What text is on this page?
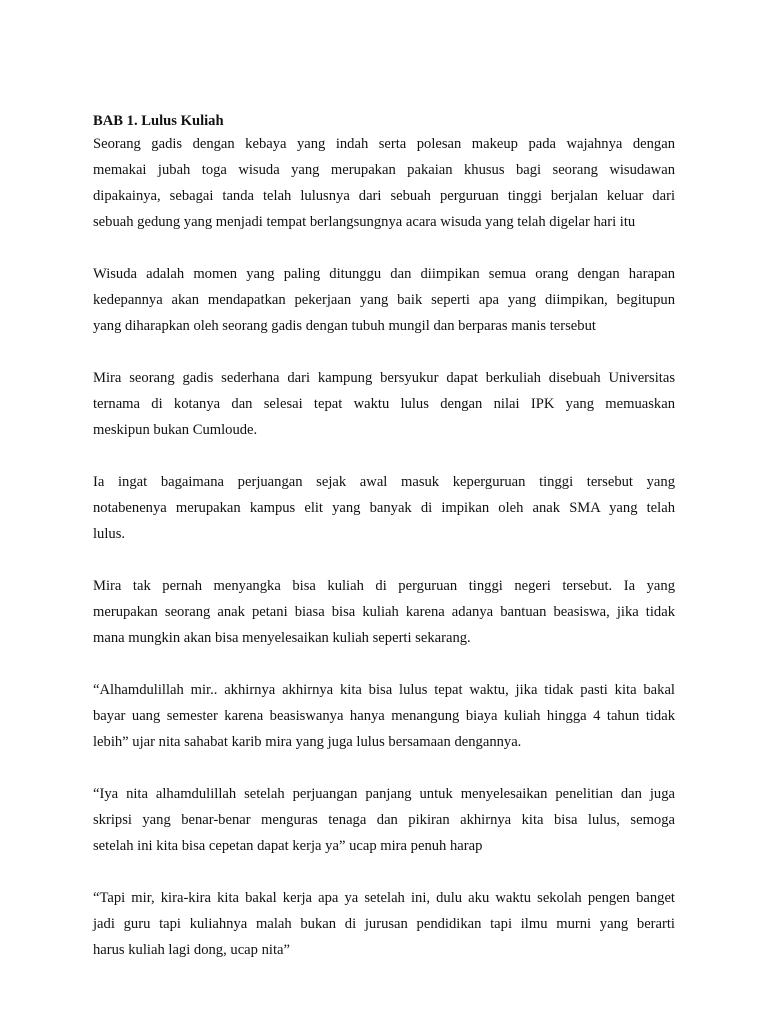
BAB 1. Lulus Kuliah

Seorang gadis dengan kebaya yang indah serta polesan makeup pada wajahnya dengan
memakai jubah toga wisuda yang merupakan pakaian khusus bagi seorang wisudawan
dipakainya, sebagai tanda telah lulusnya dari sebuah perguruan tinggi berjalan keluar dari
sebuah gedung yang menjadi tempat berlangsungnya acara wisuda yang telah digelar hari itu

Wisuda adalah momen yang paling ditunggu dan diimpikan semua orang dengan harapan
kedepannya akan mendapatkan pekerjaan yang baik seperti apa yang diimpikan, begitupun
yang diharapkan oleh seorang gadis dengan tubuh mungil dan berparas manis tersebut

Mira seorang gadis sederhana dari kampung bersyukur dapat berkuliah disebuah Universitas
ternama di kotanya dan selesai tepat waktu lulus dengan nilai IPK yang memuaskan
meskipun bukan Cumloude.

Ia ingat bagaimana perjuangan sejak awal masuk keperguruan tinggi tersebut yang
notabenenya merupakan kampus elit yang banyak di impikan oleh anak SMA yang telah
lulus.

Mira tak pernah menyangka bisa kuliah di perguruan tinggi negeri tersebut. Ia yang
merupakan seorang anak petani biasa bisa kuliah karena adanya bantuan beasiswa, jika tidak
mana mungkin akan bisa menyelesaikan kuliah seperti sekarang.

“Alhamdulillah mir.. akhirnya akhirnya kita bisa lulus tepat waktu, jika tidak pasti kita bakal
bayar uang semester karena beasiswanya hanya menangung biaya kuliah hingga 4 tahun tidak
lebih” ujar nita sahabat karib mira yang juga lulus bersamaan dengannya.

“Iya nita alhamdulillah setelah perjuangan panjang untuk menyelesaikan penelitian dan juga
skripsi yang benar-benar menguras tenaga dan pikiran akhirnya kita bisa lulus, semoga
setelah ini kita bisa cepetan dapat kerja ya” ucap mira penuh harap

“Tapi mir, kira-kira kita bakal kerja apa ya setelah ini, dulu aku waktu sekolah pengen banget
jadi guru tapi kuliahnya malah bukan di jurusan pendidikan tapi ilmu murni yang berarti
harus kuliah lagi dong, ucap nita”
